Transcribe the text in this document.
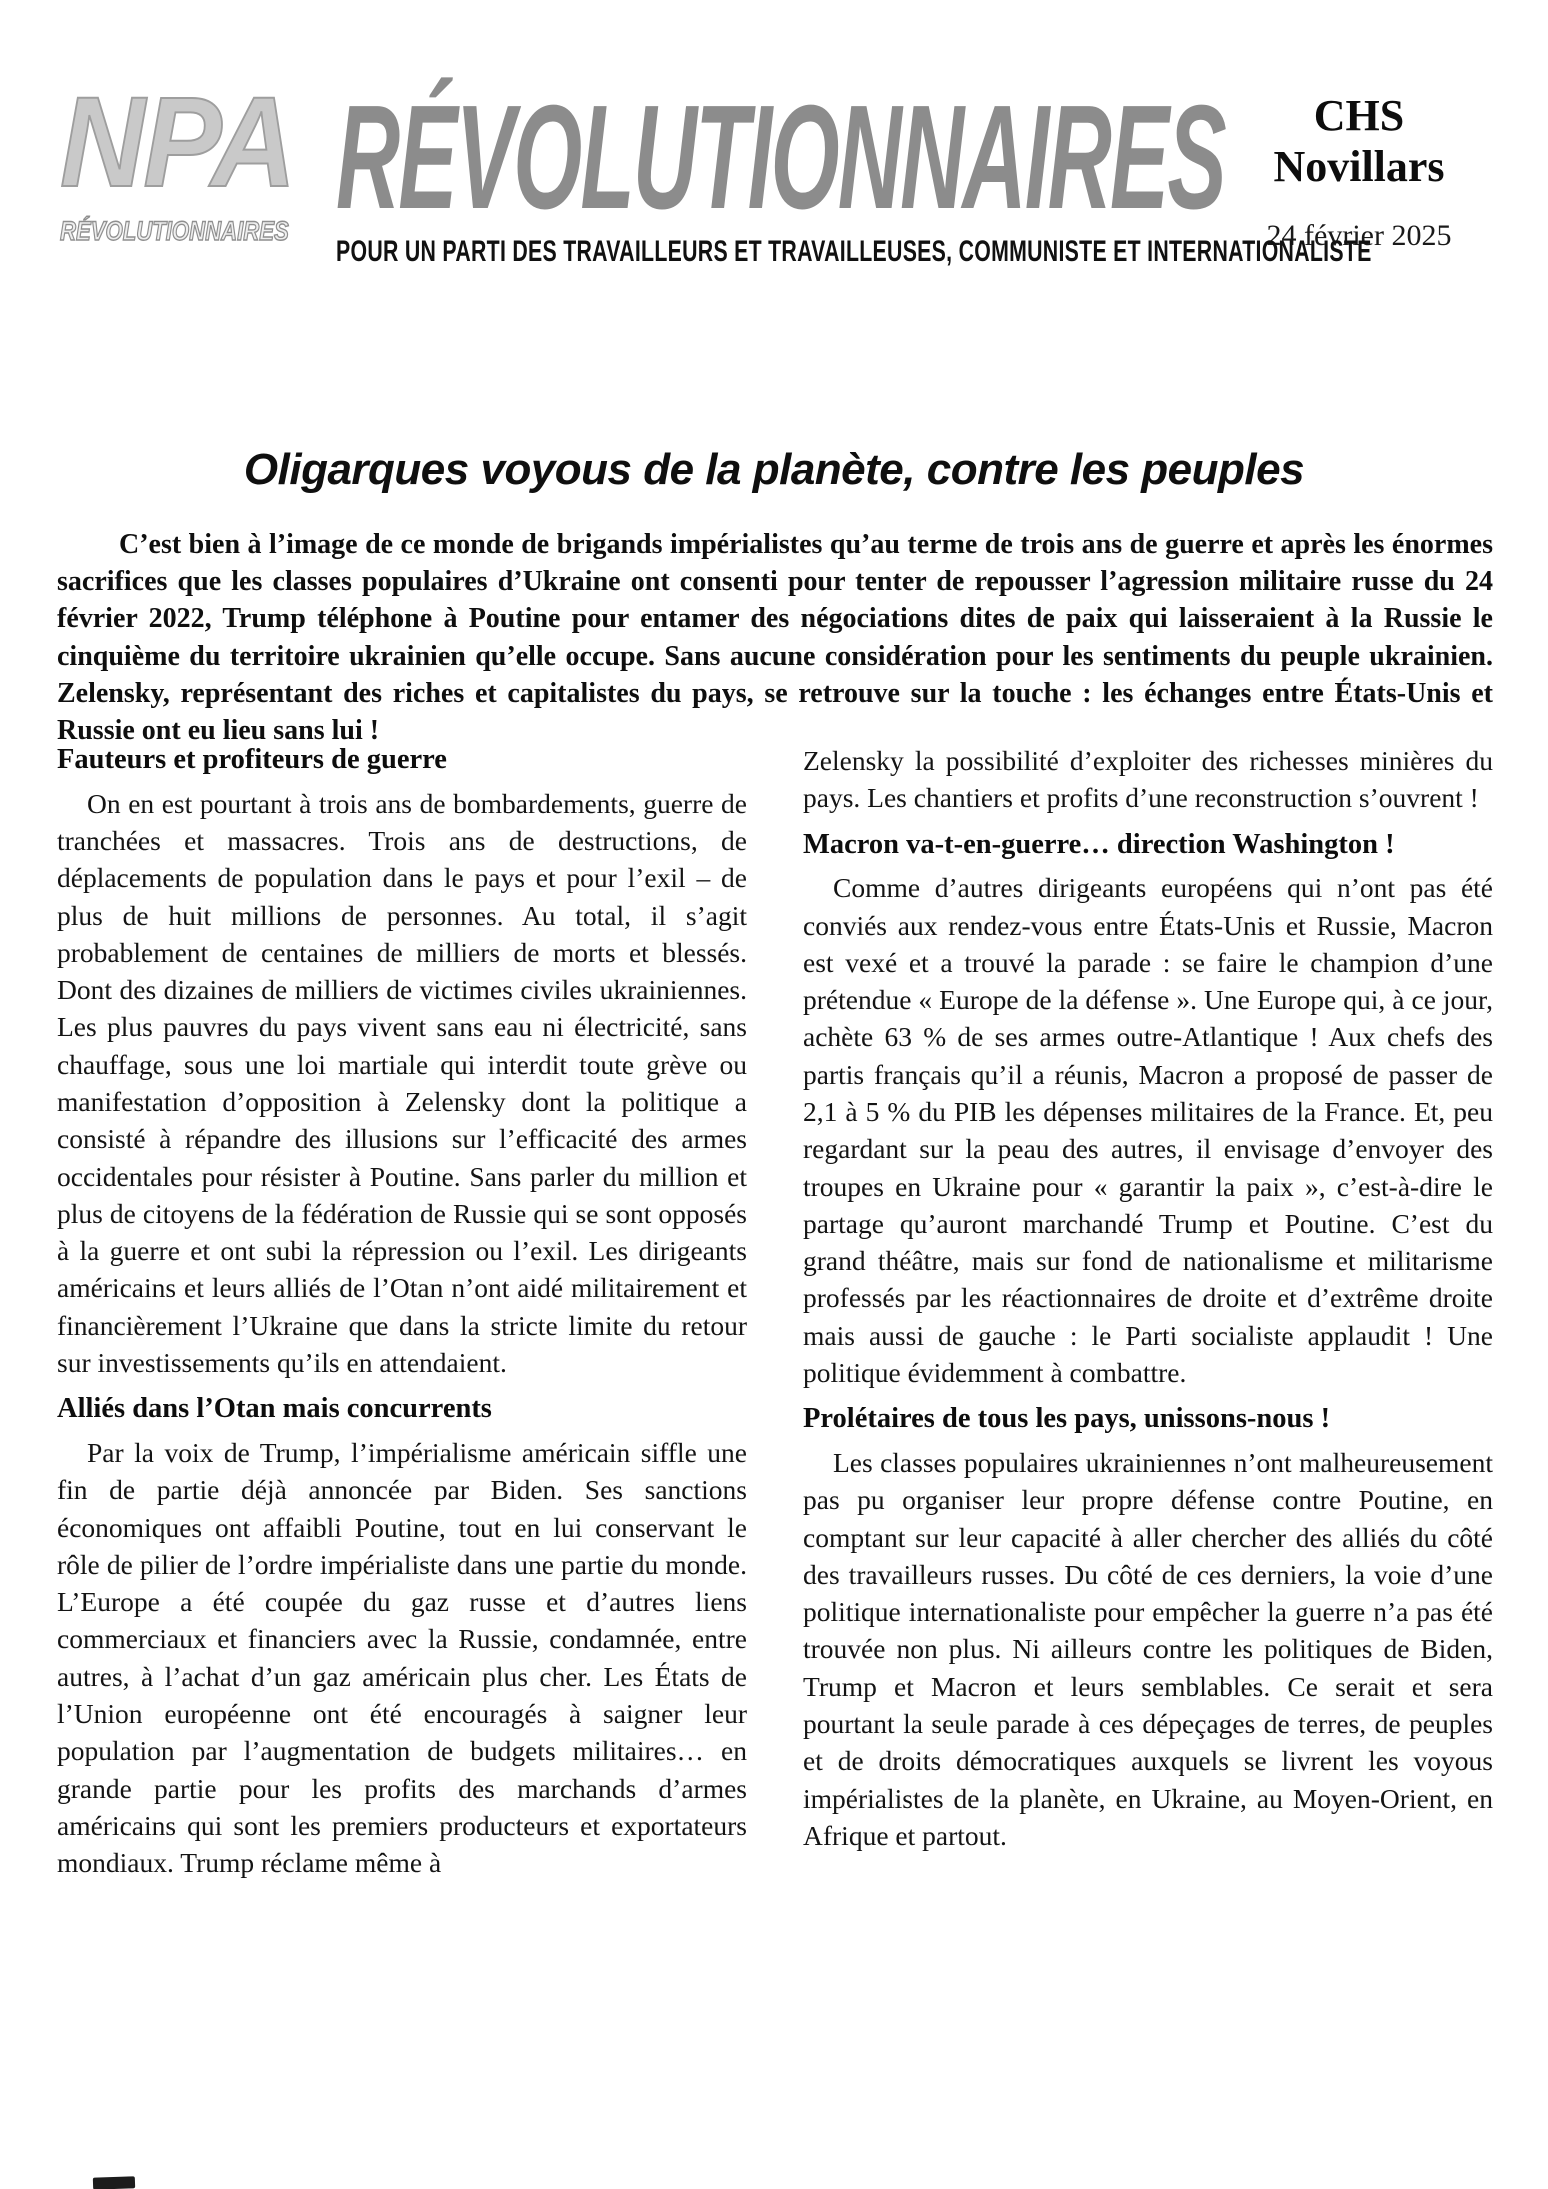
NPA
RÉVOLUTIONNAIRES RÉVOLUTIONNAIRES
POUR UN PARTI DES TRAVAILLEURS ET TRAVAILLEUSES, COMMUNISTE ET INTERNATIONALISTE
CHS
Novillars
24 février 2025
Oligarques voyous de la planète, contre les peuples

C’est bien à l’image de ce monde de brigands impérialistes qu’au terme de trois ans de guerre et après les énormes sacrifices que les classes populaires d’Ukraine ont consenti pour tenter de repousser l’agression militaire russe du 24 février 2022, Trump téléphone à Poutine pour entamer des négociations dites de paix qui laisseraient à la Russie le cinquième du territoire ukrainien qu’elle occupe. Sans aucune considération pour les sentiments du peuple ukrainien. Zelensky, représentant des riches et capitalistes du pays, se retrouve sur la touche : les échanges entre États-Unis et Russie ont eu lieu sans lui !

Fauteurs et profiteurs de guerre

On en est pourtant à trois ans de bombardements, guerre de tranchées et massacres. Trois ans de destructions, de déplacements de population dans le pays et pour l’exil – de plus de huit millions de personnes. Au total, il s’agit probablement de centaines de milliers de morts et blessés. Dont des dizaines de milliers de victimes civiles ukrainiennes. Les plus pauvres du pays vivent sans eau ni électricité, sans chauffage, sous une loi martiale qui interdit toute grève ou manifestation d’opposition à Zelensky dont la politique a consisté à répandre des illusions sur l’efficacité des armes occidentales pour résister à Poutine. Sans parler du million et plus de citoyens de la fédération de Russie qui se sont opposés à la guerre et ont subi la répression ou l’exil. Les dirigeants américains et leurs alliés de l’Otan n’ont aidé militairement et financièrement l’Ukraine que dans la stricte limite du retour sur investissements qu’ils en attendaient.

Alliés dans l’Otan mais concurrents

Par la voix de Trump, l’impérialisme américain siffle une fin de partie déjà annoncée par Biden. Ses sanctions économiques ont affaibli Poutine, tout en lui conservant le rôle de pilier de l’ordre impérialiste dans une partie du monde. L’Europe a été coupée du gaz russe et d’autres liens commerciaux et financiers avec la Russie, condamnée, entre autres, à l’achat d’un gaz américain plus cher. Les États de l’Union européenne ont été encouragés à saigner leur population par l’augmentation de budgets militaires… en grande partie pour les profits des marchands d’armes américains qui sont les premiers producteurs et exportateurs mondiaux. Trump réclame même à

Zelensky la possibilité d’exploiter des richesses minières du pays. Les chantiers et profits d’une reconstruction s’ouvrent !

Macron va-t-en-guerre… direction Washington !

Comme d’autres dirigeants européens qui n’ont pas été conviés aux rendez-vous entre États-Unis et Russie, Macron est vexé et a trouvé la parade : se faire le champion d’une prétendue « Europe de la défense ». Une Europe qui, à ce jour, achète 63 % de ses armes outre-Atlantique ! Aux chefs des partis français qu’il a réunis, Macron a proposé de passer de 2,1 à 5 % du PIB les dépenses militaires de la France. Et, peu regardant sur la peau des autres, il envisage d’envoyer des troupes en Ukraine pour « garantir la paix », c’est-à-dire le partage qu’auront marchandé Trump et Poutine. C’est du grand théâtre, mais sur fond de nationalisme et militarisme professés par les réactionnaires de droite et d’extrême droite mais aussi de gauche : le Parti socialiste applaudit ! Une politique évidemment à combattre.

Prolétaires de tous les pays, unissons-nous !

Les classes populaires ukrainiennes n’ont malheureusement pas pu organiser leur propre défense contre Poutine, en comptant sur leur capacité à aller chercher des alliés du côté des travailleurs russes. Du côté de ces derniers, la voie d’une politique internationaliste pour empêcher la guerre n’a pas été trouvée non plus. Ni ailleurs contre les politiques de Biden, Trump et Macron et leurs semblables. Ce serait et sera pourtant la seule parade à ces dépeçages de terres, de peuples et de droits démocratiques auxquels se livrent les voyous impérialistes de la planète, en Ukraine, au Moyen-Orient, en Afrique et partout.
